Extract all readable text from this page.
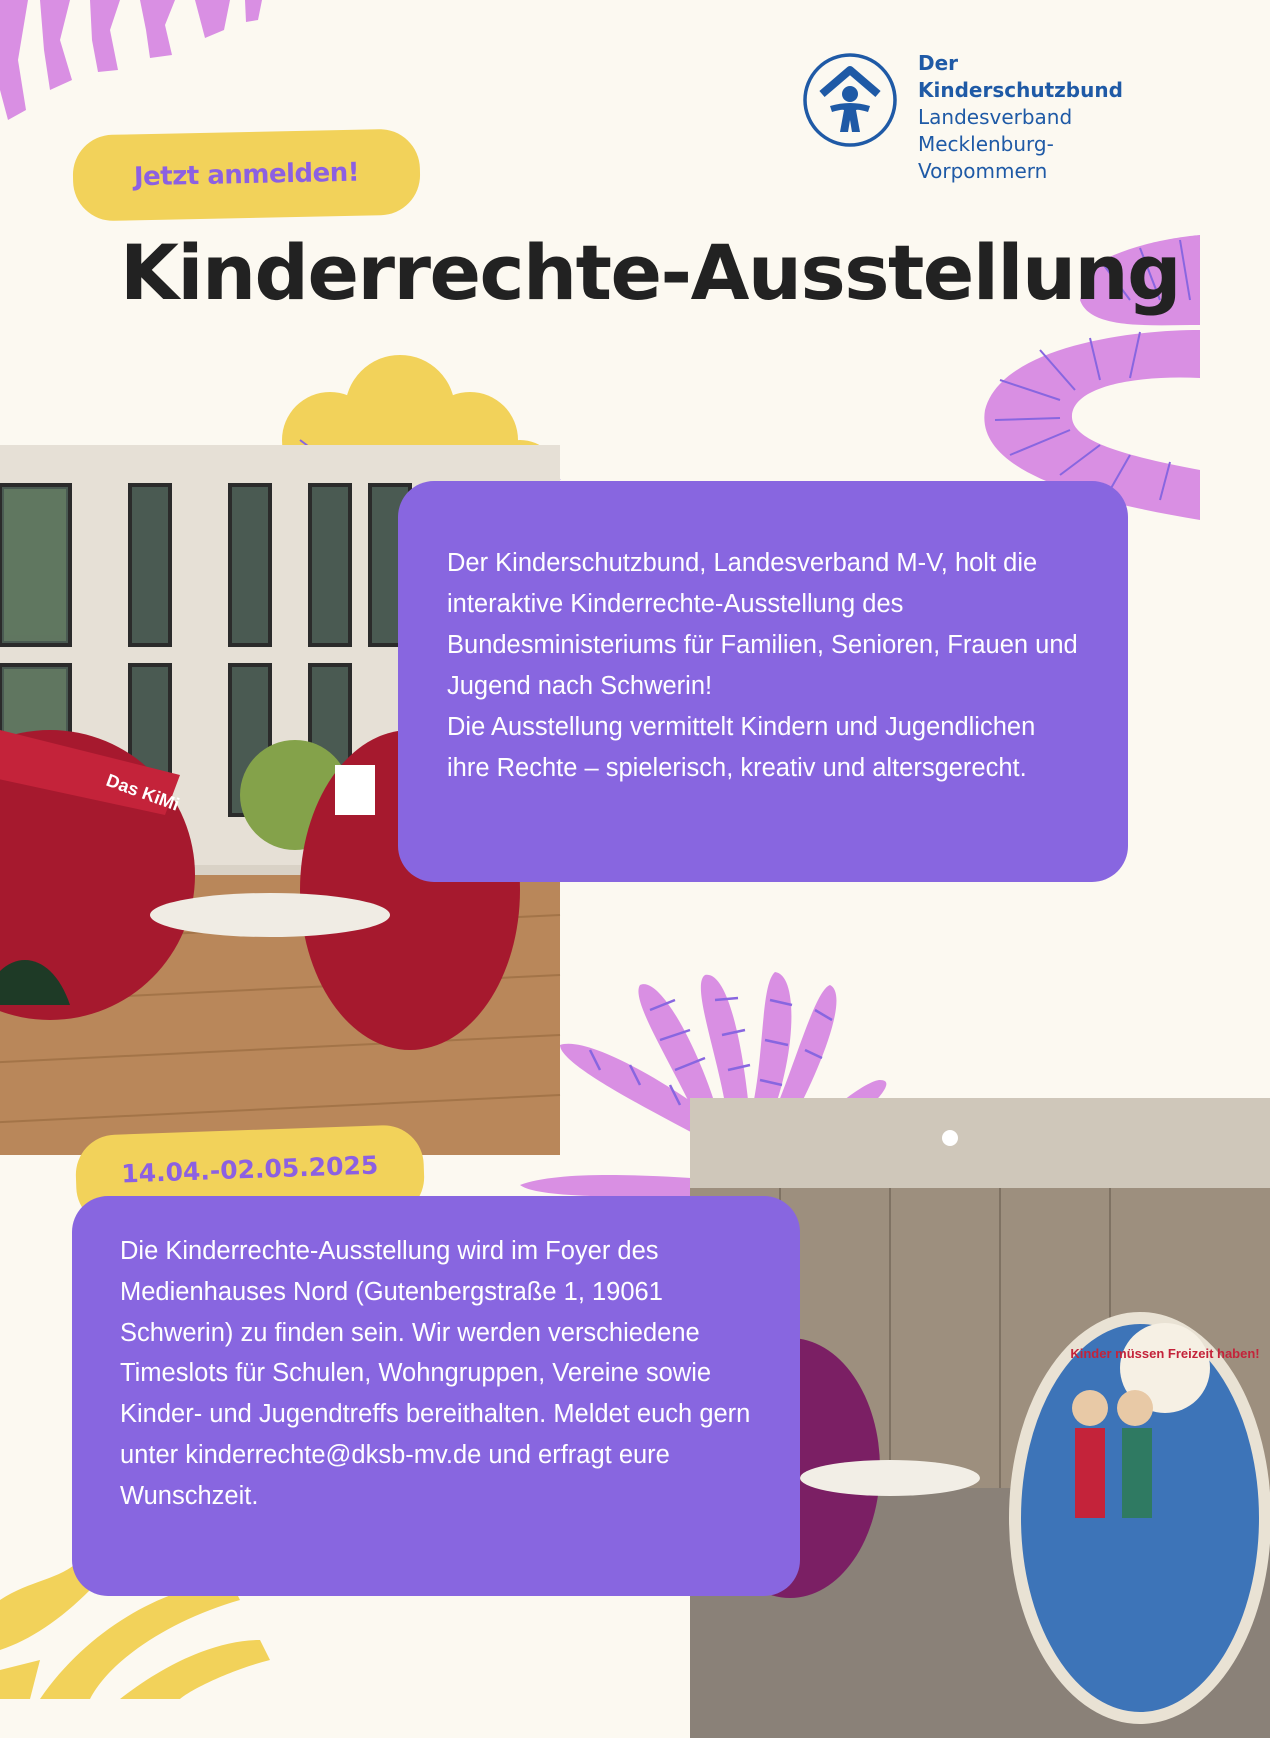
Der Kinderschutzbund
Landesverband
Mecklenburg-
Vorpommern
Jetzt anmelden!
Kinderrechte-Ausstellung
Das KiMi

Der Kinderschutzbund, Landesverband M-V, holt die interaktive Kinderrechte-Ausstellung des Bundesministeriums für Familien, Senioren, Frauen und Jugend nach Schwerin!

Die Ausstellung vermittelt Kindern und Jugendlichen ihre Rechte – spielerisch, kreativ und altersgerecht.

Kinder müssen Freizeit haben!
14.04.-02.05.2025

Die Kinderrechte-Ausstellung wird im Foyer des Medienhauses Nord (Gutenbergstraße 1, 19061 Schwerin) zu finden sein. Wir werden verschiedene Timeslots für Schulen, Wohngruppen, Vereine sowie Kinder- und Jugendtreffs bereithalten. Meldet euch gern unter kinderrechte@dksb-mv.de und erfragt eure Wunschzeit.
